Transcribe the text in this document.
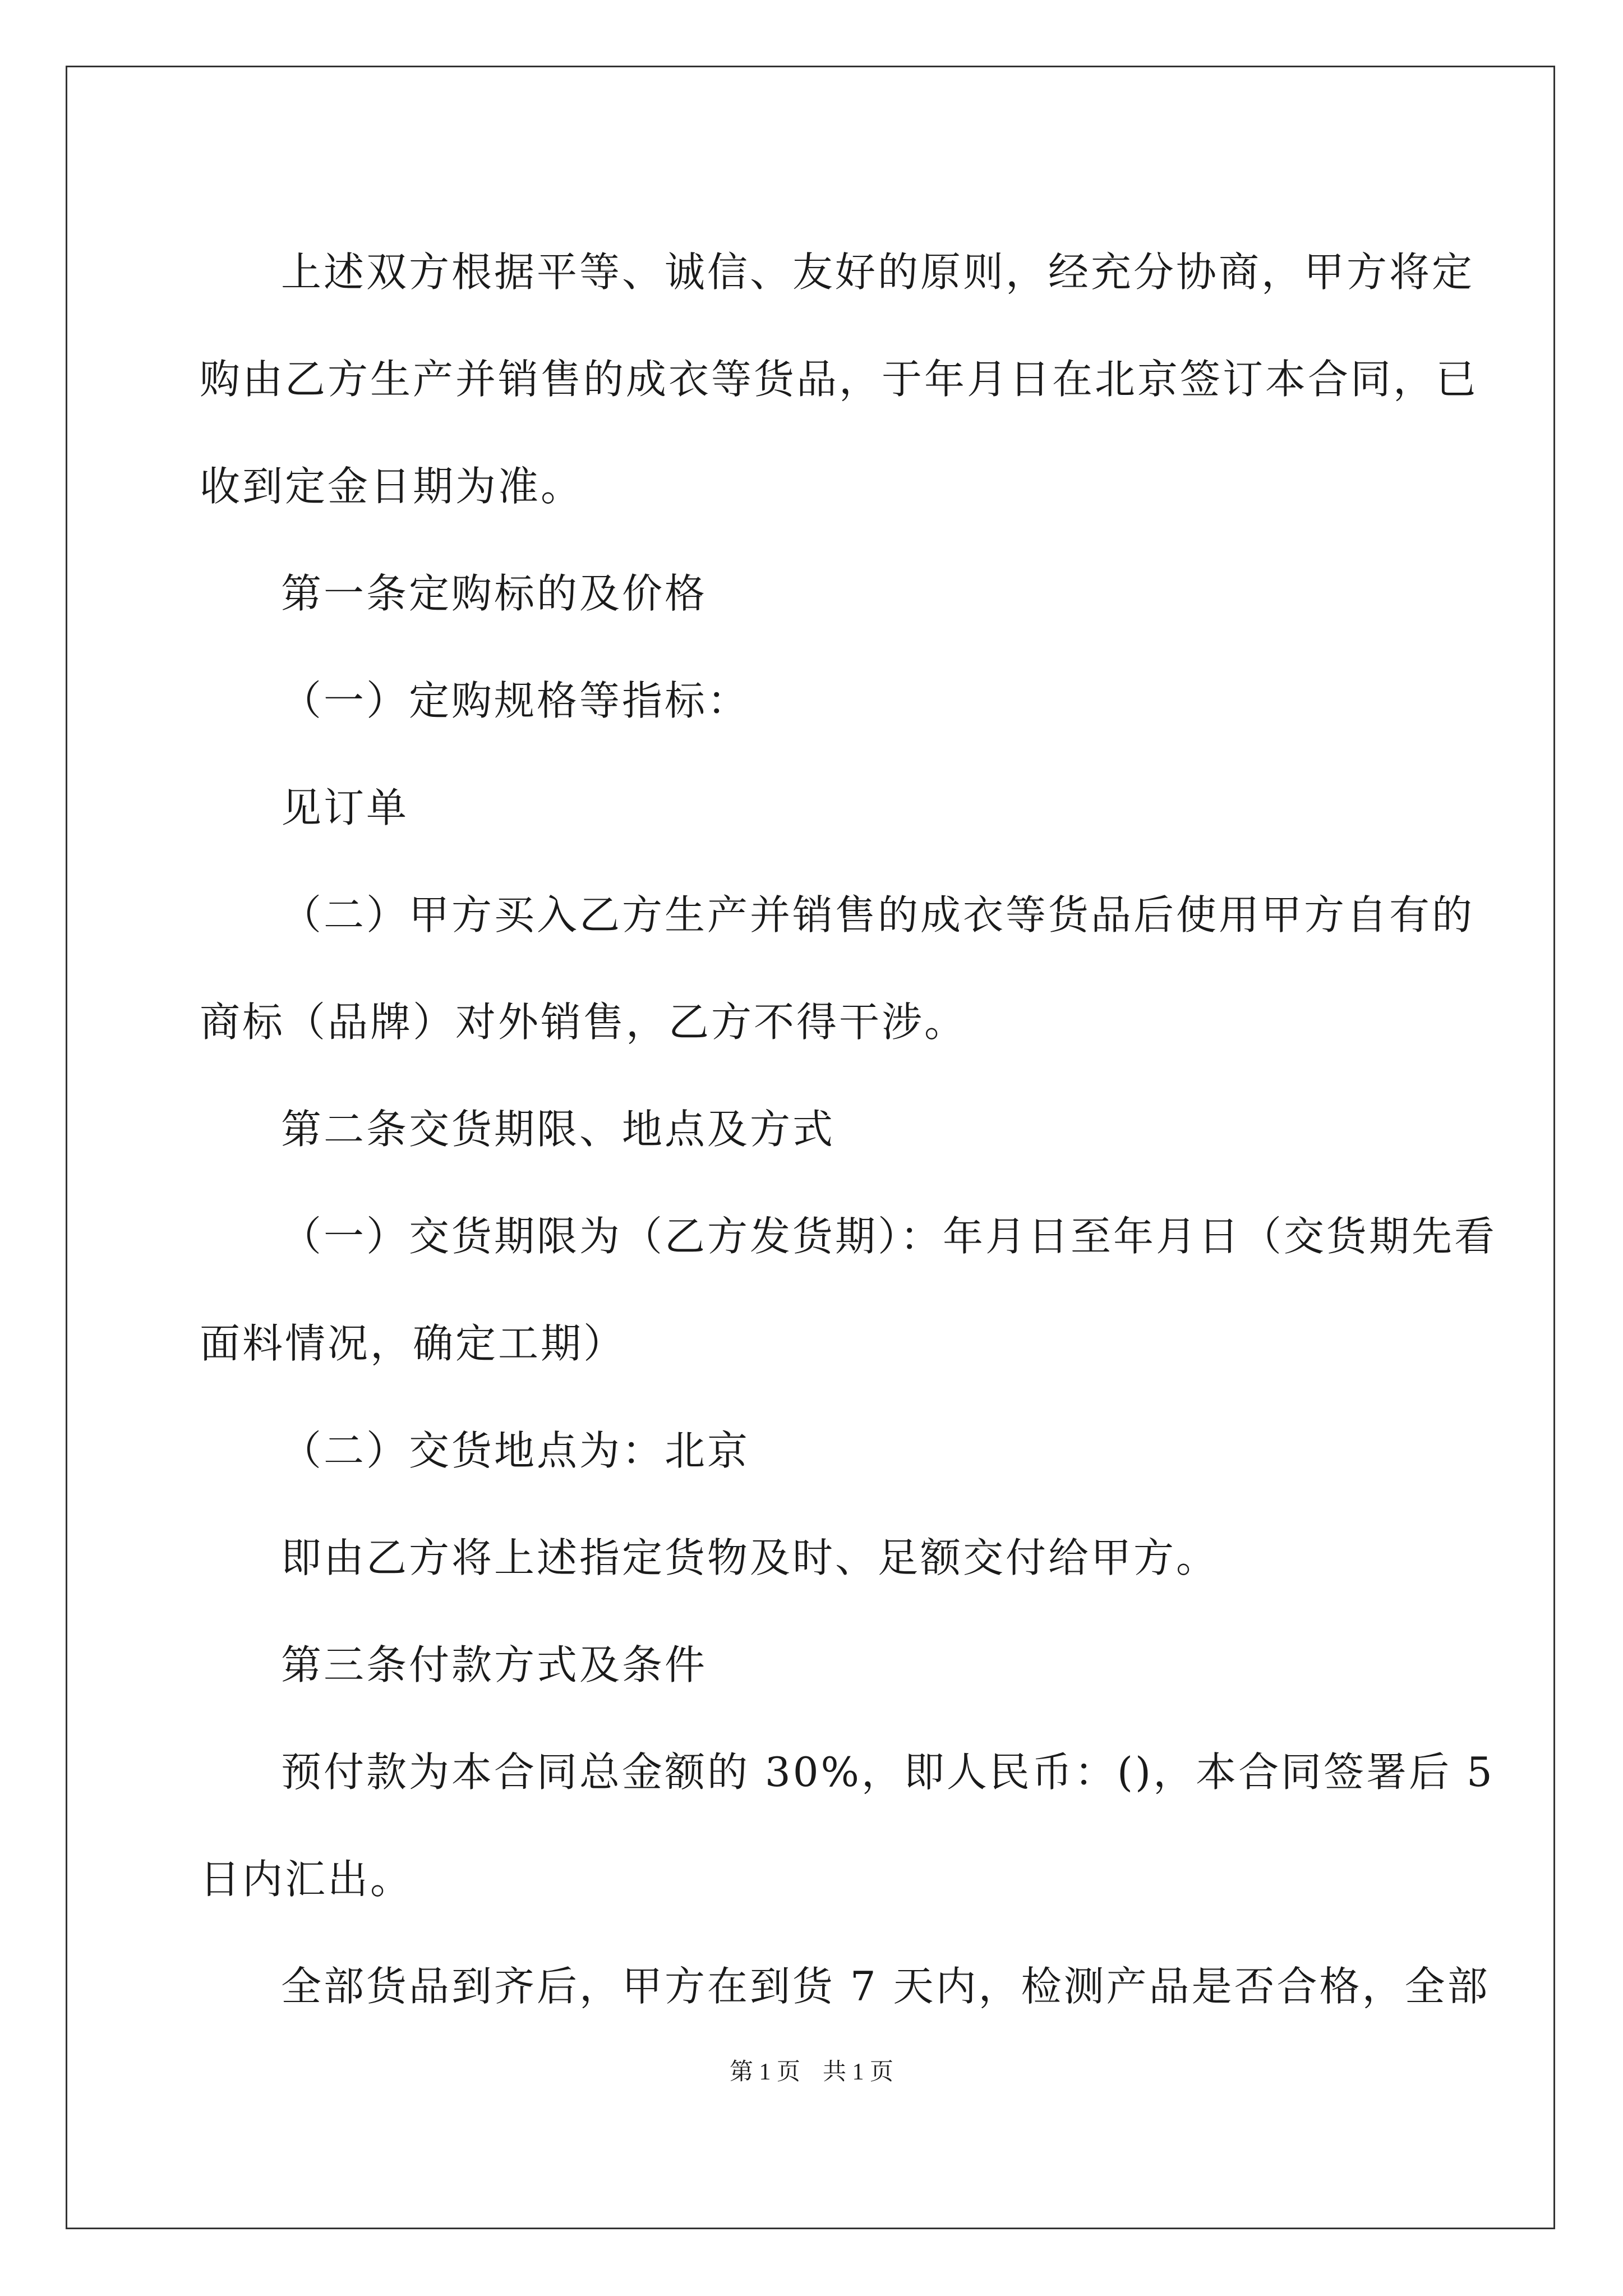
上述双方根据平等、诚信、友好的原则，经充分协商，甲方将定

购由乙方生产并销售的成衣等货品，于年月日在北京签订本合同，已

收到定金日期为准。

第一条定购标的及价格

（一）定购规格等指标：

见订单

（二）甲方买入乙方生产并销售的成衣等货品后使用甲方自有的

商标（品牌）对外销售，乙方不得干涉。

第二条交货期限、地点及方式

（一）交货期限为（乙方发货期）：年月日至年月日（交货期先看

面料情况，确定工期）

（二）交货地点为：北京

即由乙方将上述指定货物及时、足额交付给甲方。

第三条付款方式及条件

预付款为本合同总金额的 30%，即人民币：()，本合同签署后 5

日内汇出。

全部货品到齐后，甲方在到货 7 天内，检测产品是否合格，全部

第 1 页 共 1 页
